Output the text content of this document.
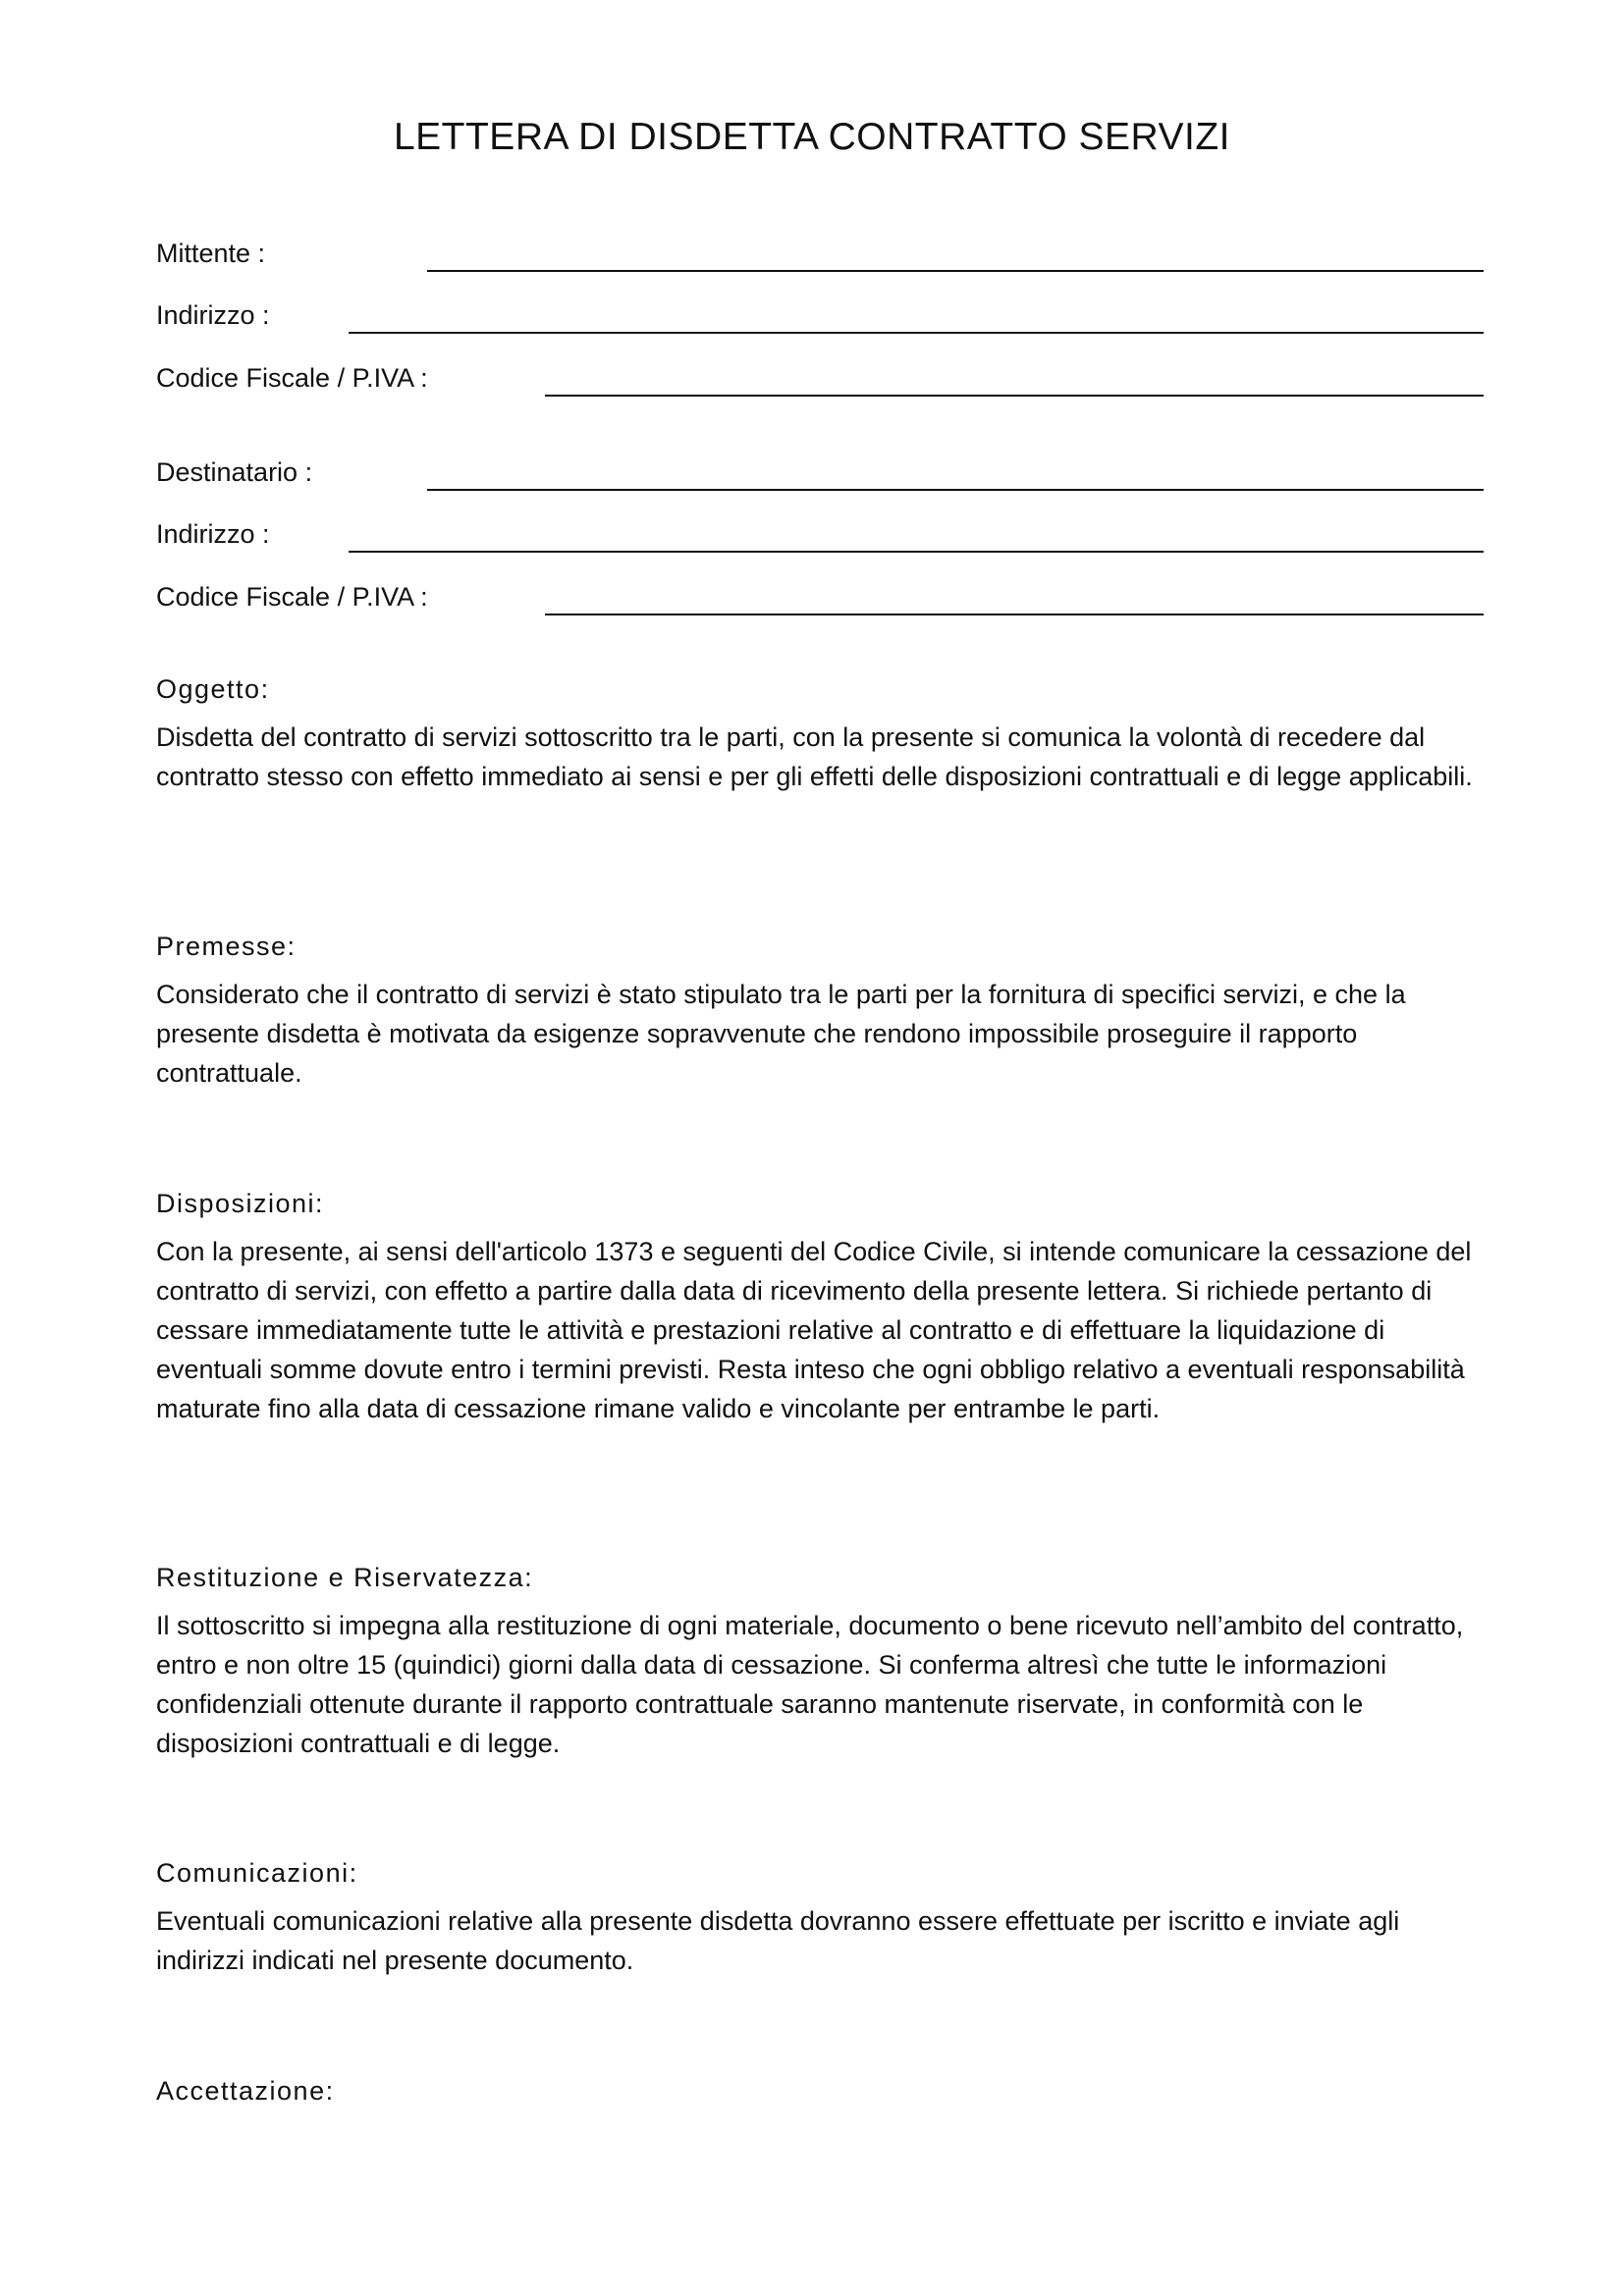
LETTERA DI DISDETTA CONTRATTO SERVIZI
Mittente :
Indirizzo :
Codice Fiscale / P.IVA :
Destinatario :
Indirizzo :
Codice Fiscale / P.IVA :
Oggetto:

Disdetta del contratto di servizi sottoscritto tra le parti, con la presente si comunica la volontà di recedere dal contratto stesso con effetto immediato ai sensi e per gli effetti delle disposizioni contrattuali e di legge applicabili.

Premesse:

Considerato che il contratto di servizi è stato stipulato tra le parti per la fornitura di specifici servizi, e che la presente disdetta è motivata da esigenze sopravvenute che rendono impossibile proseguire il rapporto contrattuale.

Disposizioni:

Con la presente, ai sensi dell'articolo 1373 e seguenti del Codice Civile, si intende comunicare la cessazione del contratto di servizi, con effetto a partire dalla data di ricevimento della presente lettera. Si richiede pertanto di cessare immediatamente tutte le attività e prestazioni relative al contratto e di effettuare la liquidazione di eventuali somme dovute entro i termini previsti. Resta inteso che ogni obbligo relativo a eventuali responsabilità maturate fino alla data di cessazione rimane valido e vincolante per entrambe le parti.

Restituzione e Riservatezza:

Il sottoscritto si impegna alla restituzione di ogni materiale, documento o bene ricevuto nell’ambito del contratto, entro e non oltre 15 (quindici) giorni dalla data di cessazione. Si conferma altresì che tutte le informazioni confidenziali ottenute durante il rapporto contrattuale saranno mantenute riservate, in conformità con le disposizioni contrattuali e di legge.

Comunicazioni:

Eventuali comunicazioni relative alla presente disdetta dovranno essere effettuate per iscritto e inviate agli indirizzi indicati nel presente documento.

Accettazione:
